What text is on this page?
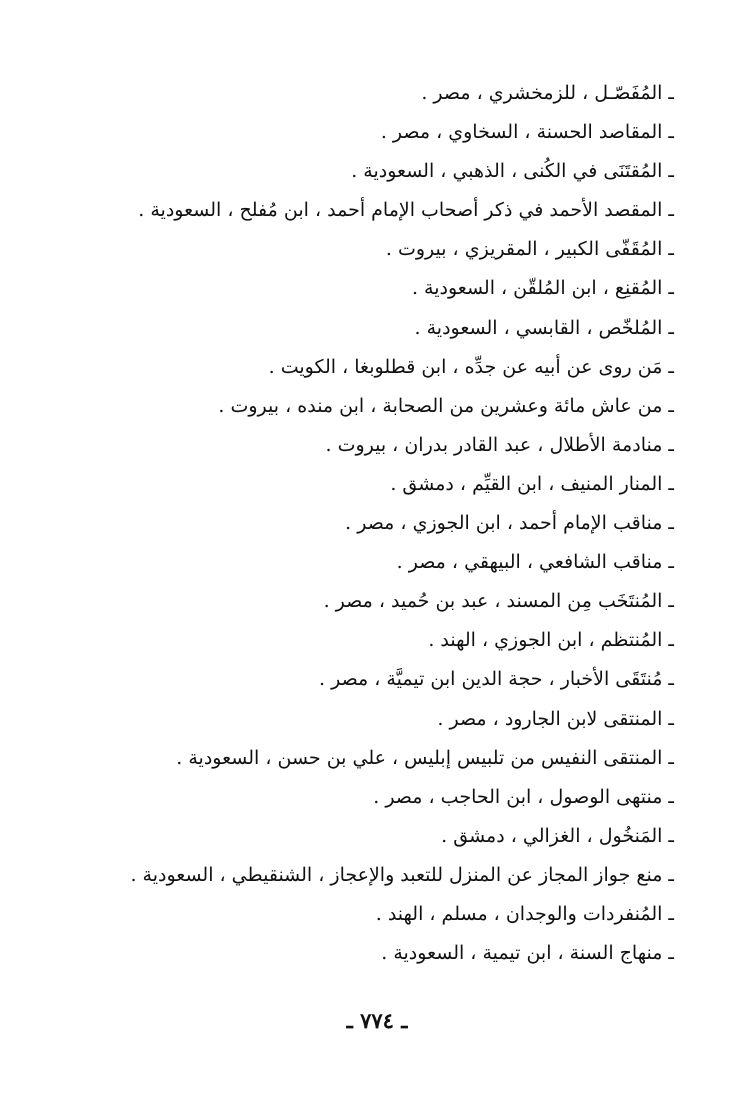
ـ المُفَصّـل ، للزمخشري ، مصر .
ـ المقاصد الحسنة ، السخاوي ، مصر .
ـ المُقتَنَى في الكُنى ، الذهبي ، السعودية .
ـ المقصد الأحمد في ذكر أصحاب الإمام أحمد ، ابن مُفلح ، السعودية .
ـ المُقَفّى الكبير ، المقريزي ، بيروت .
ـ المُقنِع ، ابن المُلقّن ، السعودية .
ـ المُلخّص ، القابسي ، السعودية .
ـ مَن روى عن أبيه عن جدِّه ، ابن قطلوبغا ، الكويت .
ـ من عاش مائة وعشرين من الصحابة ، ابن منده ، بيروت .
ـ منادمة الأطلال ، عبد القادر بدران ، بيروت .
ـ المنار المنيف ، ابن القيِّم ، دمشق .
ـ مناقب الإمام أحمد ، ابن الجوزي ، مصر .
ـ مناقب الشافعي ، البيهقي ، مصر .
ـ المُنتَخَب مِن المسند ، عبد بن حُميد ، مصر .
ـ المُنتظم ، ابن الجوزي ، الهند .
ـ مُنتَقَى الأخبار ، حجة الدين ابن تيميَّة ، مصر .
ـ المنتقى لابن الجارود ، مصر .
ـ المنتقى النفيس من تلبيس إبليس ، علي بن حسن ، السعودية .
ـ منتهى الوصول ، ابن الحاجب ، مصر .
ـ المَنخُول ، الغزالي ، دمشق .
ـ منع جواز المجاز عن المنزل للتعبد والإعجاز ، الشنقيطي ، السعودية .
ـ المُنفردات والوجدان ، مسلم ، الهند .
ـ منهاج السنة ، ابن تيمية ، السعودية .
ـ ٧٧٤ ـ
